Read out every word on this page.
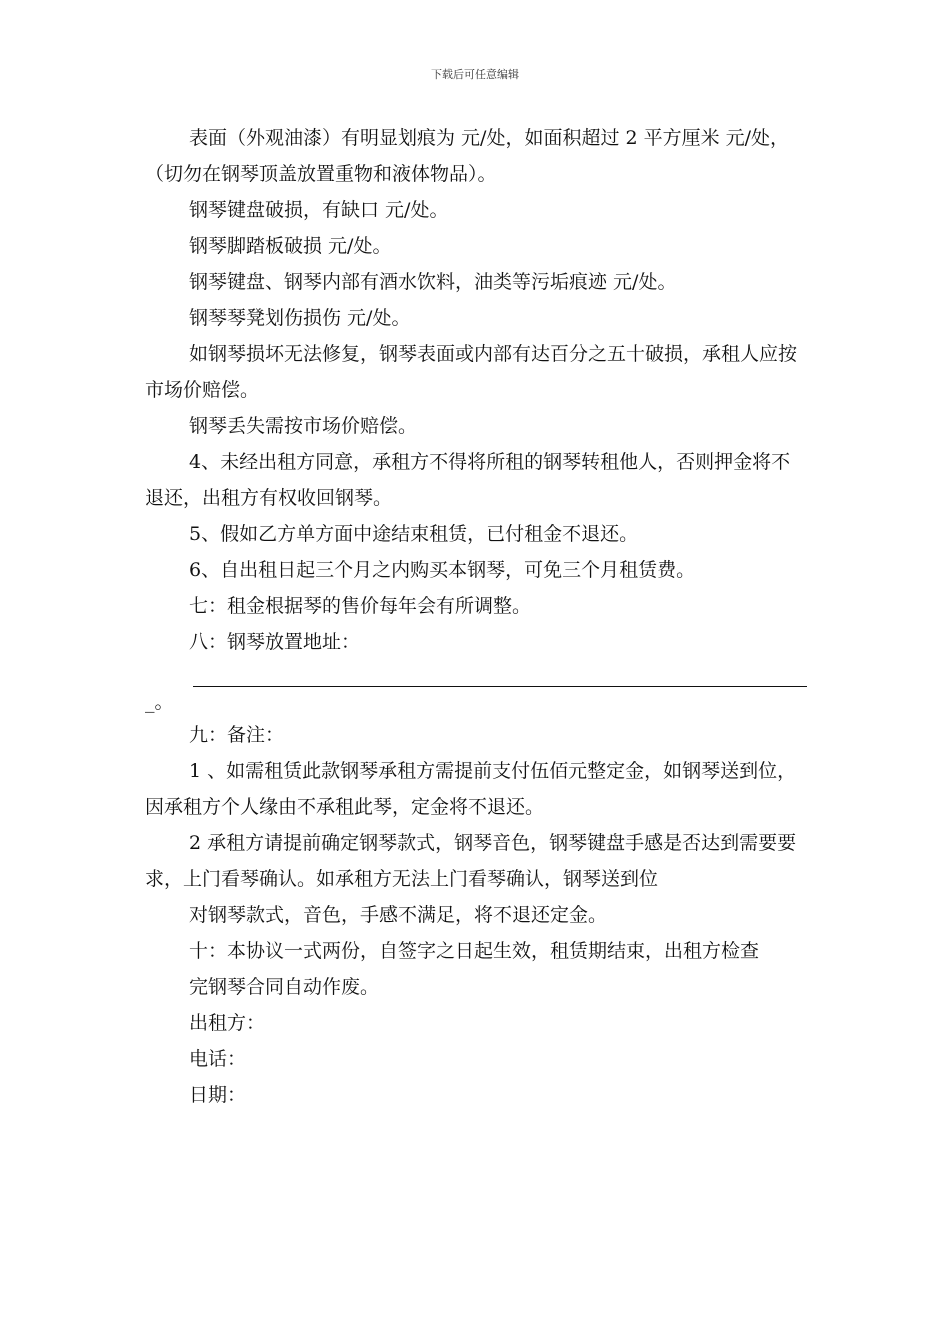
下载后可任意编辑

表面（外观油漆）有明显划痕为 元/处，如面积超过 2 平方厘米 元/处，（切勿在钢琴顶盖放置重物和液体物品）。

钢琴键盘破损，有缺口 元/处。

钢琴脚踏板破损 元/处。

钢琴键盘、钢琴内部有酒水饮料，油类等污垢痕迹 元/处。

钢琴琴凳划伤损伤 元/处。

如钢琴损坏无法修复，钢琴表面或内部有达百分之五十破损，承租人应按市场价赔偿。

钢琴丢失需按市场价赔偿。

4、未经出租方同意，承租方不得将所租的钢琴转租他人，否则押金将不退还，出租方有权收回钢琴。

5、假如乙方单方面中途结束租赁，已付租金不退还。

6、自出租日起三个月之内购买本钢琴，可免三个月租赁费。

七：租金根据琴的售价每年会有所调整。

八：钢琴放置地址：

_。

九：备注：

1 、如需租赁此款钢琴承租方需提前支付伍佰元整定金，如钢琴送到位，因承租方个人缘由不承租此琴，定金将不退还。

2 承租方请提前确定钢琴款式，钢琴音色，钢琴键盘手感是否达到需要要求，上门看琴确认。如承租方无法上门看琴确认，钢琴送到位

对钢琴款式，音色，手感不满足，将不退还定金。

十：本协议一式两份，自签字之日起生效，租赁期结束，出租方检查

完钢琴合同自动作废。

出租方：

电话：

日期：
